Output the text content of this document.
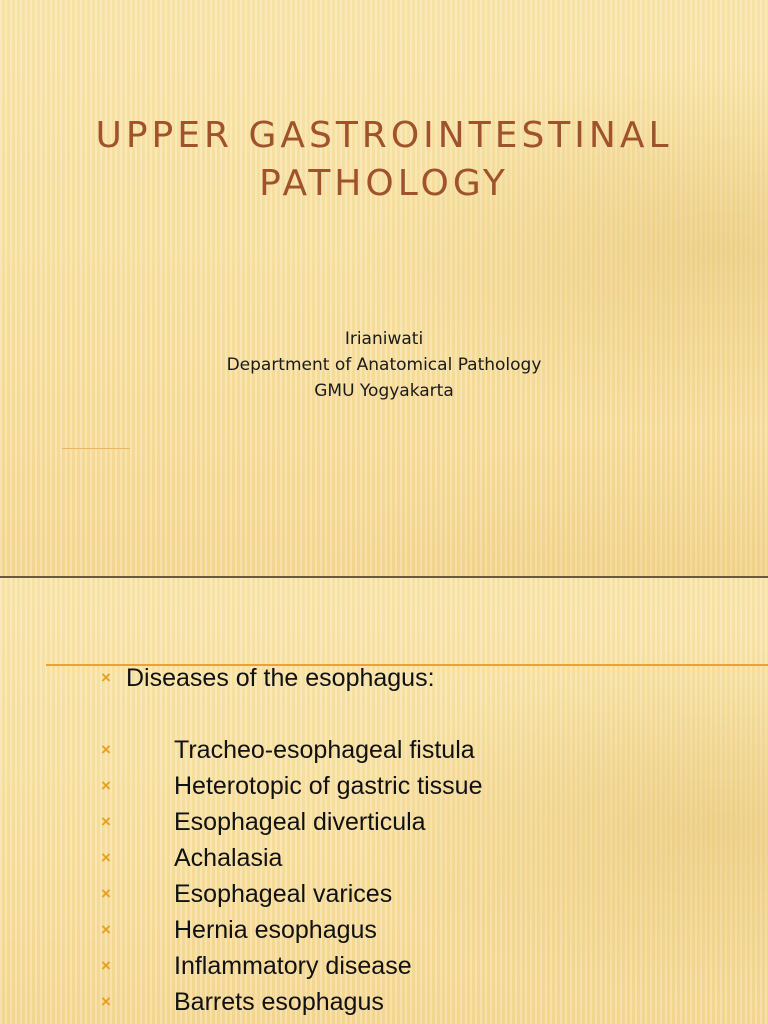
UPPER GASTROINTESTINAL
PATHOLOGY
Irianiwati
Department of Anatomical Pathology
GMU Yogyakarta
× Diseases of the esophagus:
×	Tracheo-esophageal fistula
×	Heterotopic of gastric tissue
×	Esophageal diverticula
×	Achalasia
×	Esophageal varices
×	Hernia esophagus
×	Inflammatory disease
×	Barrets esophagus
